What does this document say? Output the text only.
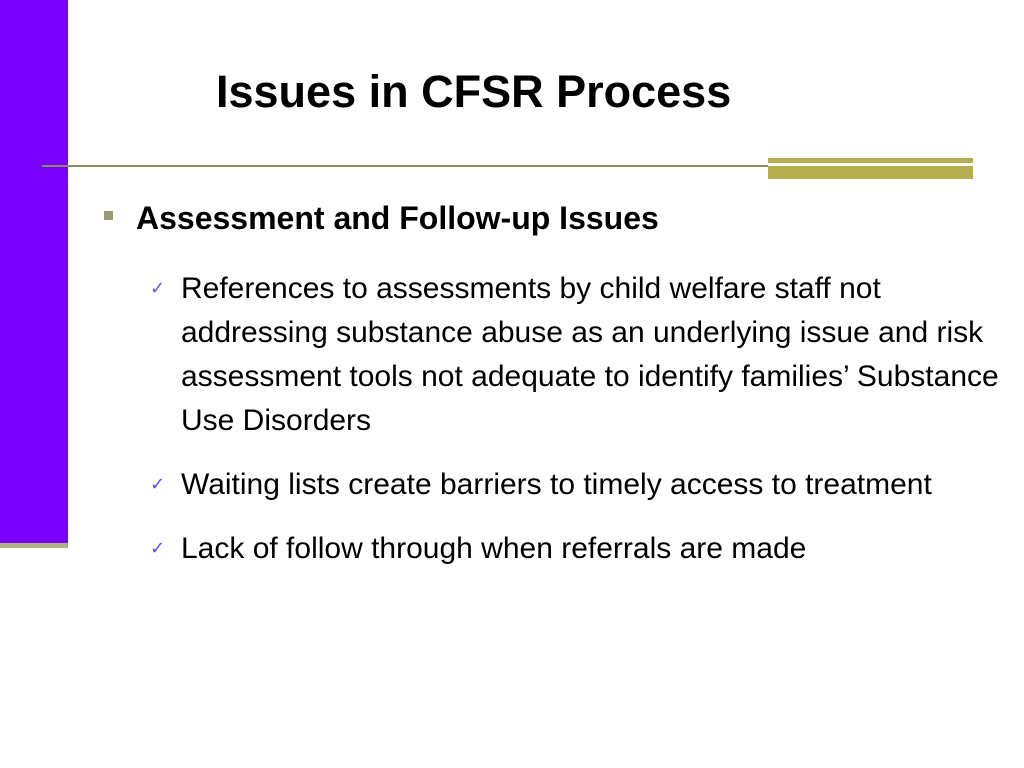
Issues in CFSR Process
Assessment and Follow-up Issues
✓ References to assessments by child welfare staff not addressing substance abuse as an underlying issue and risk assessment tools not adequate to identify families’ Substance Use Disorders
✓ Waiting lists create barriers to timely access to treatment
✓ Lack of follow through when referrals are made
